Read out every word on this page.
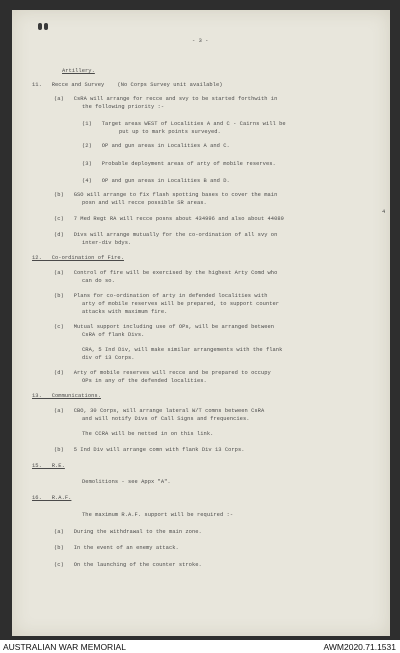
- 3 -
Artillery.
11.   Recce and Survey    (No Corps Survey unit available)
(a)   CsRA will arrange for recce and svy to be started forthwith in
the following priority :-
(1)   Target areas WEST of Localities A and C - Cairns will be
put up to mark points surveyed.
(2)   OP and gun areas in Localities A and C.
(3)   Probable deployment areas of arty of mobile reserves.
(4)   OP and gun areas in Localities B and D.
(b)   GSO will arrange to fix flash spotting bases to cover the main
posn and will recce possible SR areas.
4
(c)   7 Med Regt RA will recce posns about 434996 and also about 44089
(d)   Divs will arrange mutually for the co-ordination of all svy on
inter-div bdys.
12.   Co-ordination of Fire.
(a)   Control of fire will be exercised by the highest Arty Comd who
can do so.
(b)   Plans for co-ordination of arty in defended localities with
arty of mobile reserves will be prepared, to support counter
attacks with maximum fire.
(c)   Mutual support including use of OPs, will be arranged between
CsRA of flank Divs.
CRA, 5 Ind Div, will make similar arrangements with the flank
div of 13 Corps.
(d)   Arty of mobile reserves will recce and be prepared to occupy
OPs in any of the defended localities.
13.   Communications.
(a)   CBO, 30 Corps, will arrange lateral W/T comns between CsRA
and will notify Divs of Call Signs and frequencies.
The CCRA will be netted in on this link.
(b)   5 Ind Div will arrange comn with flank Div 13 Corps.
15.   R.E.
Demolitions - see Appx "A".
16.   R.A.F.
The maximum R.A.F. support will be required :-
(a)   During the withdrawal to the main zone.
(b)   In the event of an enemy attack.
(c)   On the launching of the counter stroke.
AUSTRALIAN WAR MEMORIAL	AWM2020.71.1531
